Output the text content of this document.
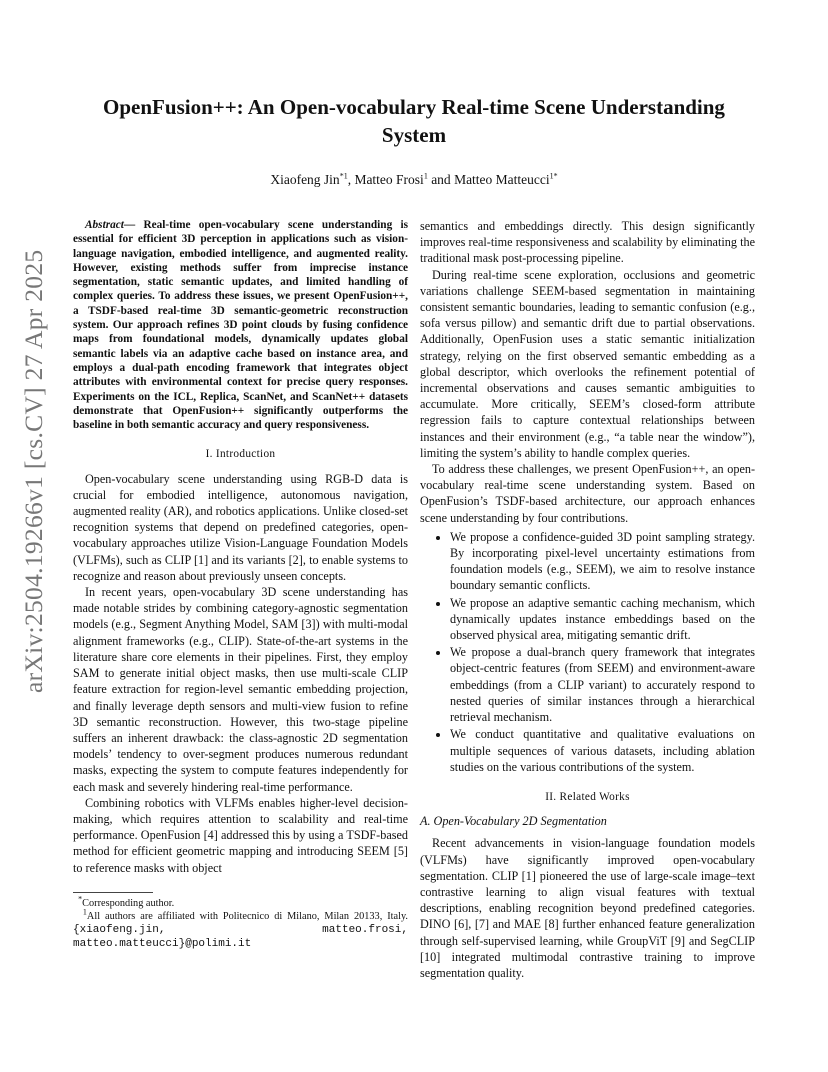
arXiv:2504.19266v1 [cs.CV] 27 Apr 2025
OpenFusion++: An Open-vocabulary Real-time Scene Understanding System
Xiaofeng Jin$^{*1}$, Matteo Frosi$^1$ and Matteo Matteucci$^{1*}$

Abstract— Real-time open-vocabulary scene understanding is essential for efficient 3D perception in applications such as vision-language navigation, embodied intelligence, and augmented reality. However, existing methods suffer from imprecise instance segmentation, static semantic updates, and limited handling of complex queries. To address these issues, we present OpenFusion++, a TSDF-based real-time 3D semantic-geometric reconstruction system. Our approach refines 3D point clouds by fusing confidence maps from foundational models, dynamically updates global semantic labels via an adaptive cache based on instance area, and employs a dual-path encoding framework that integrates object attributes with environmental context for precise query responses. Experiments on the ICL, Replica, ScanNet, and ScanNet++ datasets demonstrate that OpenFusion++ significantly outperforms the baseline in both semantic accuracy and query responsiveness.

I. Introduction

Open-vocabulary scene understanding using RGB-D data is crucial for embodied intelligence, autonomous navigation, augmented reality (AR), and robotics applications. Unlike closed-set recognition systems that depend on predefined categories, open-vocabulary approaches utilize Vision-Language Foundation Models (VLFMs), such as CLIP [1] and its variants [2], to enable systems to recognize and reason about previously unseen concepts.

In recent years, open-vocabulary 3D scene understanding has made notable strides by combining category-agnostic segmentation models (e.g., Segment Anything Model, SAM [3]) with multi-modal alignment frameworks (e.g., CLIP). State-of-the-art systems in the literature share core elements in their pipelines. First, they employ SAM to generate initial object masks, then use multi-scale CLIP feature extraction for region-level semantic embedding projection, and finally leverage depth sensors and multi-view fusion to refine 3D semantic reconstruction. However, this two-stage pipeline suffers an inherent drawback: the class-agnostic 2D segmentation models’ tendency to over-segment produces numerous redundant masks, expecting the system to compute features independently for each mask and severely hindering real-time performance.

Combining robotics with VLFMs enables higher-level decision-making, which requires attention to scalability and real-time performance. OpenFusion [4] addressed this by using a TSDF-based method for efficient geometric mapping and introducing SEEM [5] to reference masks with object

*Corresponding author.
$^1$All authors are affiliated with Politecnico di Milano, Milan 20133, Italy. {xiaofeng.jin, matteo.frosi, matteo.matteucci}@polimi.it

semantics and embeddings directly. This design significantly improves real-time responsiveness and scalability by eliminating the traditional mask post-processing pipeline.

During real-time scene exploration, occlusions and geometric variations challenge SEEM-based segmentation in maintaining consistent semantic boundaries, leading to semantic confusion (e.g., sofa versus pillow) and semantic drift due to partial observations. Additionally, OpenFusion uses a static semantic initialization strategy, relying on the first observed semantic embedding as a global descriptor, which overlooks the refinement potential of incremental observations and causes semantic ambiguities to accumulate. More critically, SEEM’s closed-form attribute regression fails to capture contextual relationships between instances and their environment (e.g., “a table near the window”), limiting the system’s ability to handle complex queries.

To address these challenges, we present OpenFusion++, an open-vocabulary real-time scene understanding system. Based on OpenFusion’s TSDF-based architecture, our approach enhances scene understanding by four contributions.

• We propose a confidence-guided 3D point sampling strategy. By incorporating pixel-level uncertainty estimations from foundation models (e.g., SEEM), we aim to resolve instance boundary semantic conflicts.
• We propose an adaptive semantic caching mechanism, which dynamically updates instance embeddings based on the observed physical area, mitigating semantic drift.
• We propose a dual-branch query framework that integrates object-centric features (from SEEM) and environment-aware embeddings (from a CLIP variant) to accurately respond to nested queries of similar instances through a hierarchical retrieval mechanism.
• We conduct quantitative and qualitative evaluations on multiple sequences of various datasets, including ablation studies on the various contributions of the system.
II. Related Works
A. Open-Vocabulary 2D Segmentation

Recent advancements in vision-language foundation models (VLFMs) have significantly improved open-vocabulary segmentation. CLIP [1] pioneered the use of large-scale image–text contrastive learning to align visual features with textual descriptions, enabling recognition beyond predefined categories. DINO [6], [7] and MAE [8] further enhanced feature generalization through self-supervised learning, while GroupViT [9] and SegCLIP [10] integrated multimodal contrastive training to improve segmentation quality.
